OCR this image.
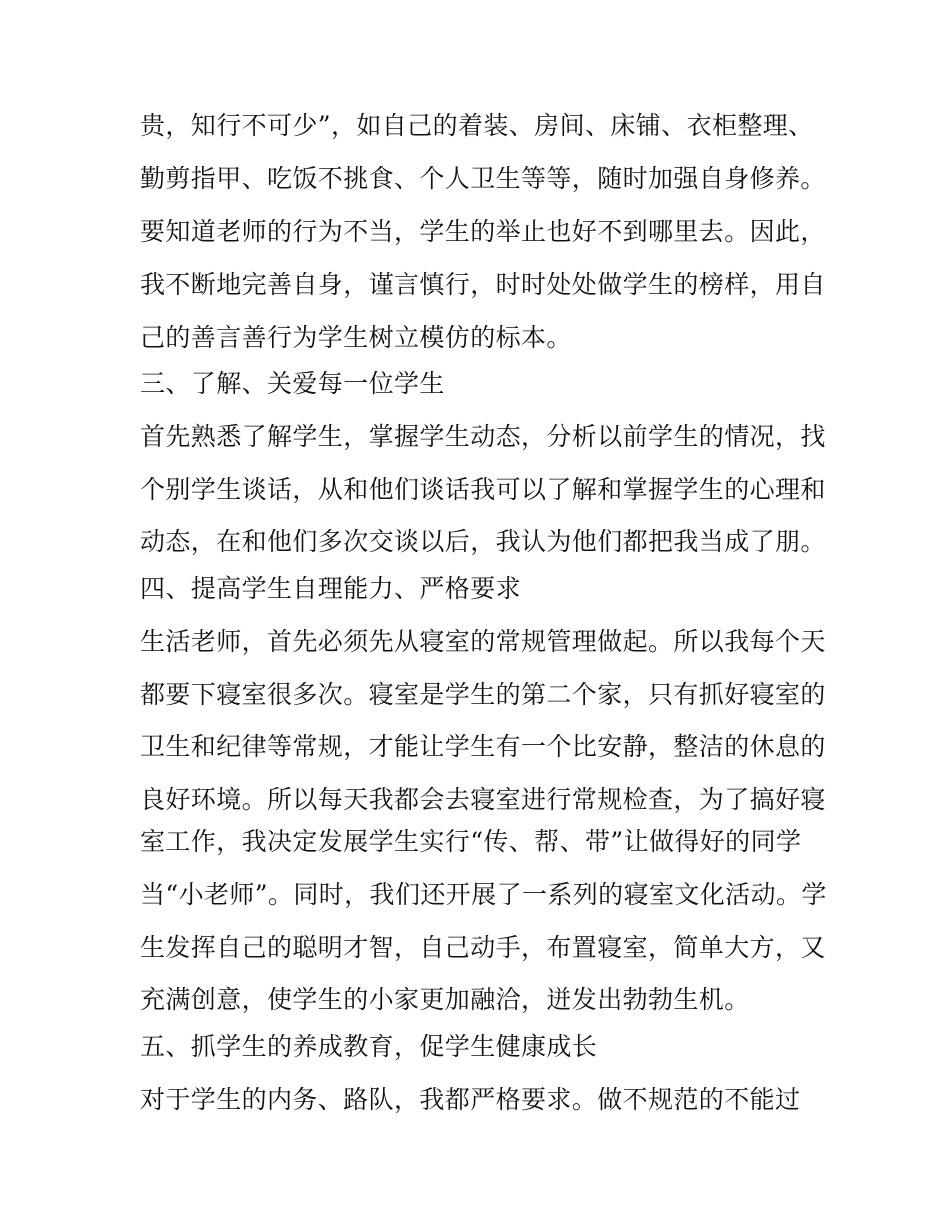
贵，知行不可少”，如自己的着装、房间、床铺、衣柜整理、
勤剪指甲、吃饭不挑食、个人卫生等等，随时加强自身修养。
要知道老师的行为不当，学生的举止也好不到哪里去。因此，
我不断地完善自身，谨言慎行，时时处处做学生的榜样，用自
己的善言善行为学生树立模仿的标本。
三、了解、关爱每一位学生
首先熟悉了解学生，掌握学生动态，分析以前学生的情况，找
个别学生谈话，从和他们谈话我可以了解和掌握学生的心理和
动态，在和他们多次交谈以后，我认为他们都把我当成了朋。
四、提高学生自理能力、严格要求
生活老师，首先必须先从寝室的常规管理做起。所以我每个天
都要下寝室很多次。寝室是学生的第二个家，只有抓好寝室的
卫生和纪律等常规，才能让学生有一个比安静，整洁的休息的
良好环境。所以每天我都会去寝室进行常规检查，为了搞好寝
室工作，我决定发展学生实行“传、帮、带”让做得好的同学
当“小老师”。同时，我们还开展了一系列的寝室文化活动。学
生发挥自己的聪明才智，自己动手，布置寝室，简单大方，又
充满创意，使学生的小家更加融洽，迸发出勃勃生机。
五、抓学生的养成教育，促学生健康成长
对于学生的内务、路队，我都严格要求。做不规范的不能过
